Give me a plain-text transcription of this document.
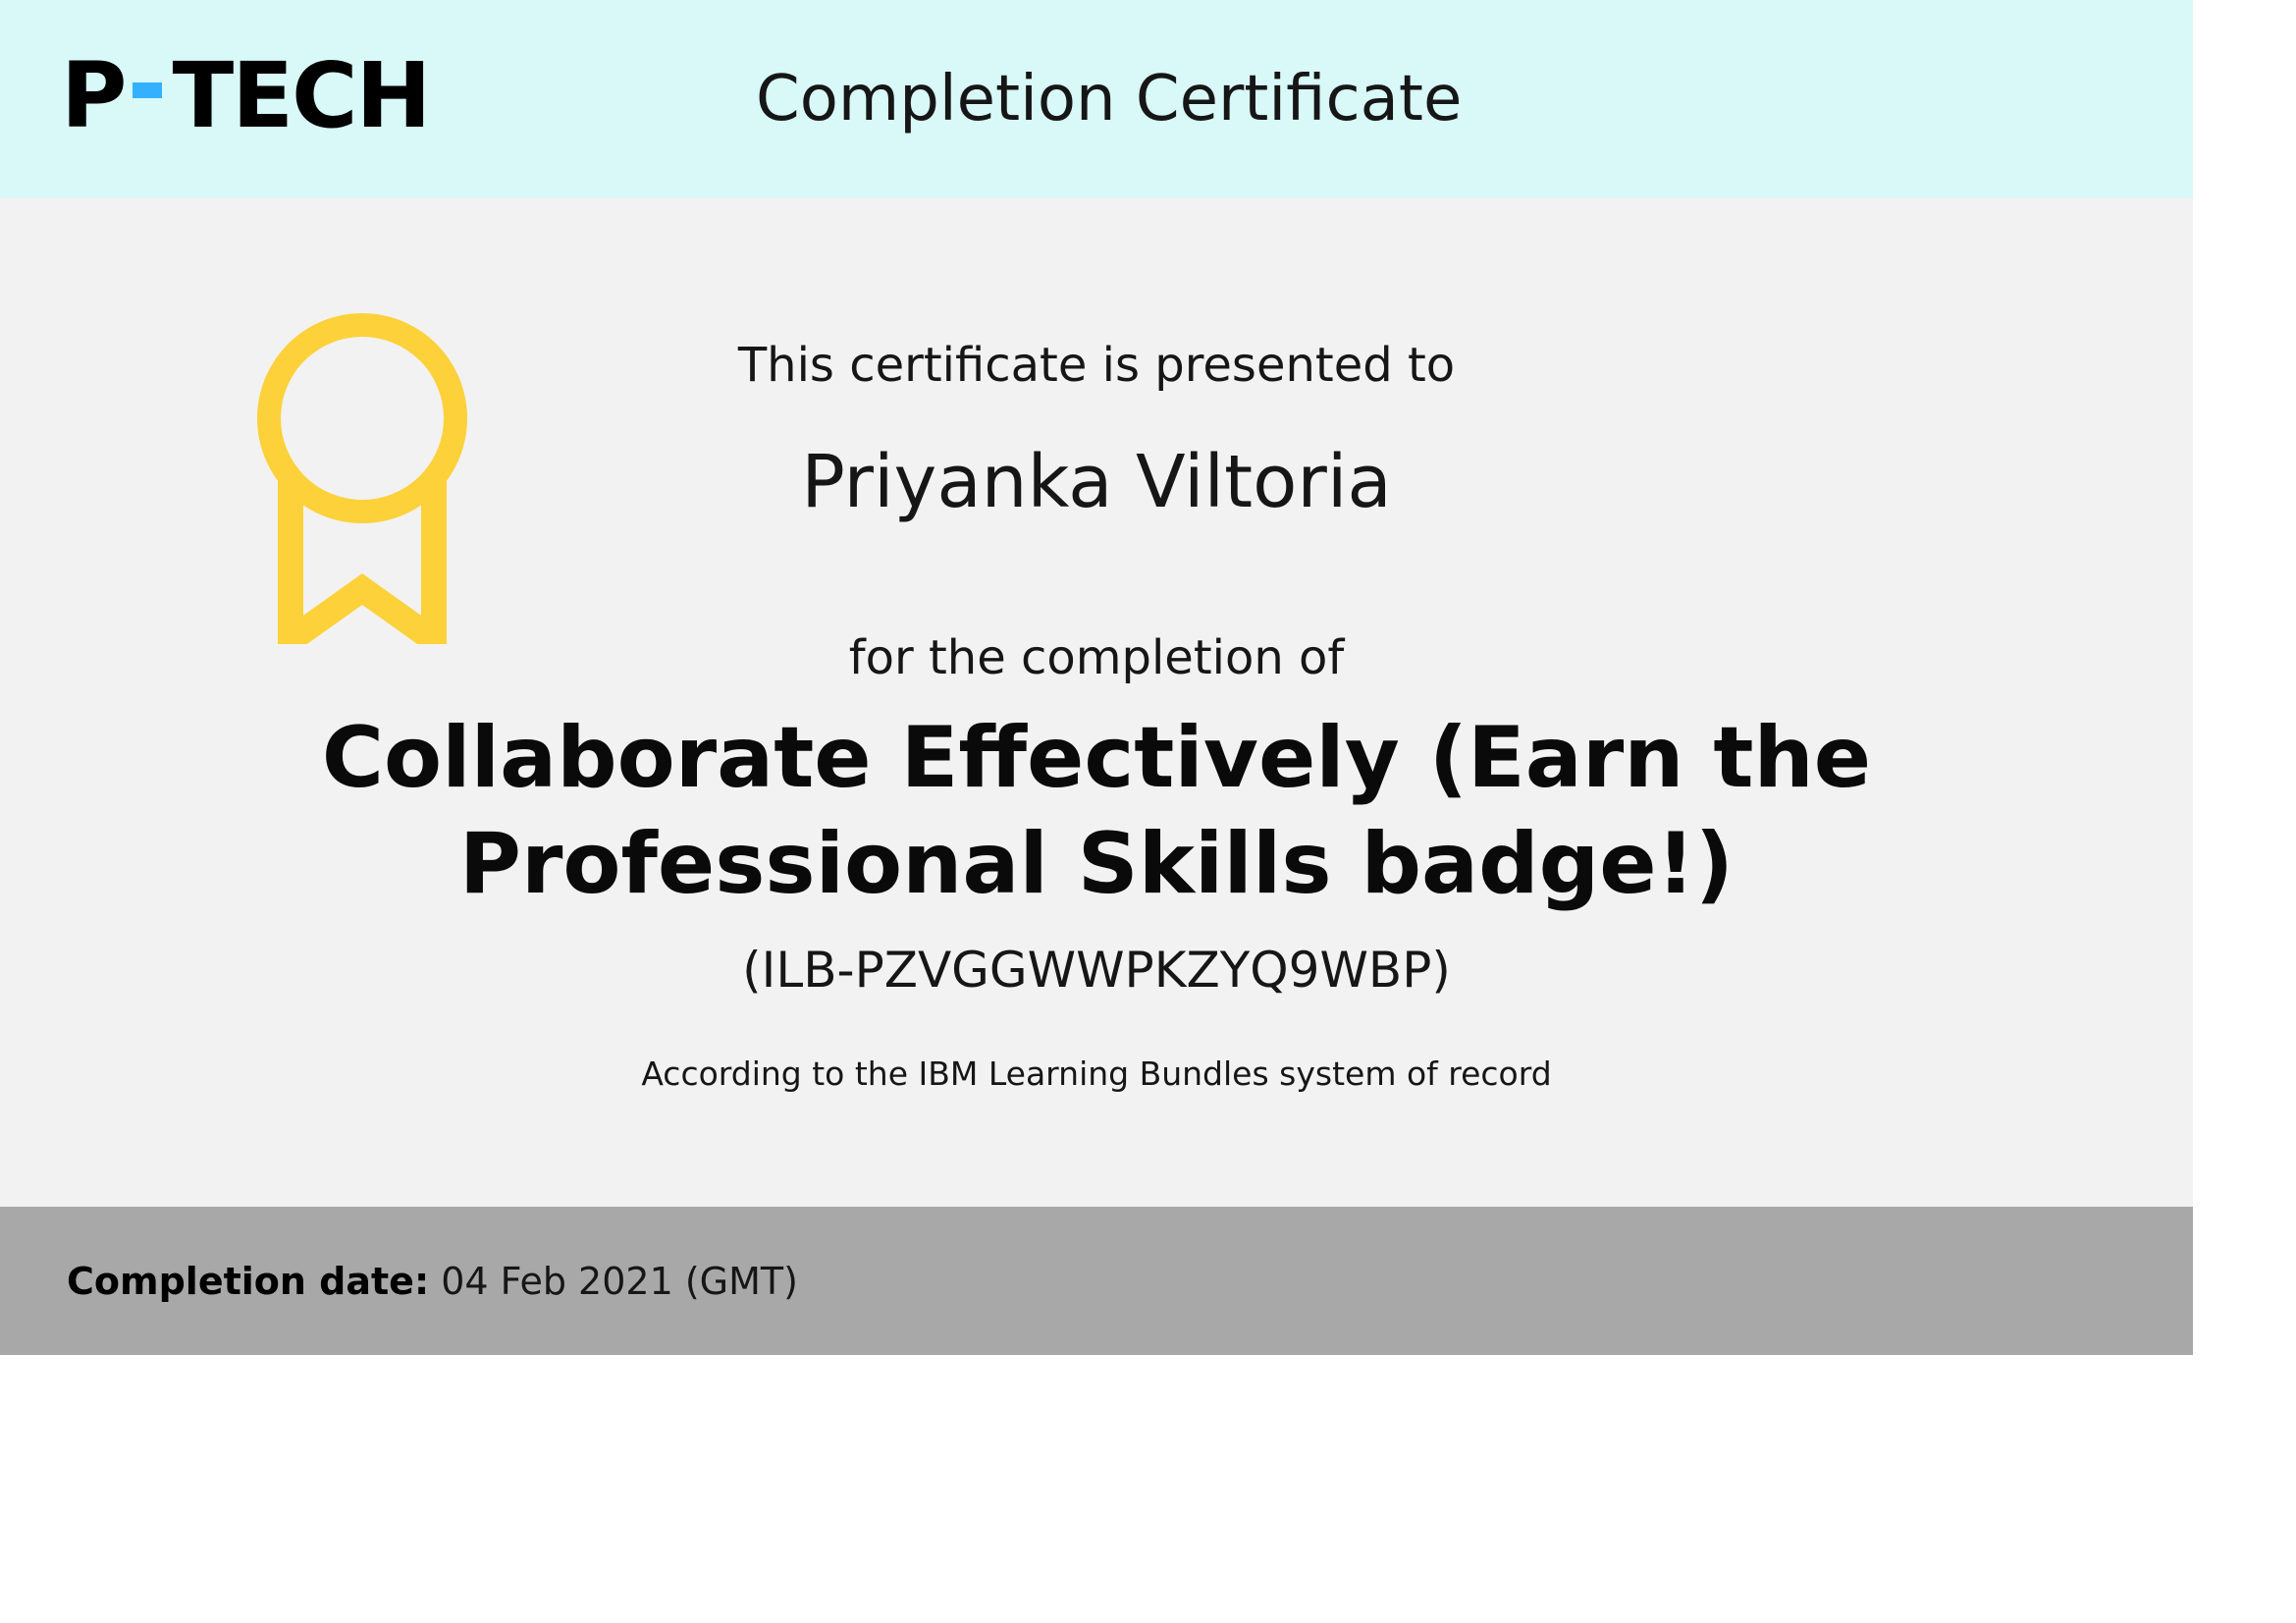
P TECH	Completion Certificate
This certificate is presented to
Priyanka Viltoria
for the completion of
Collaborate Effectively (Earn the Professional Skills badge!)
(ILB-PZVGGWWPKZYQ9WBP)
According to the IBM Learning Bundles system of record
Completion date: 04 Feb 2021 (GMT)
